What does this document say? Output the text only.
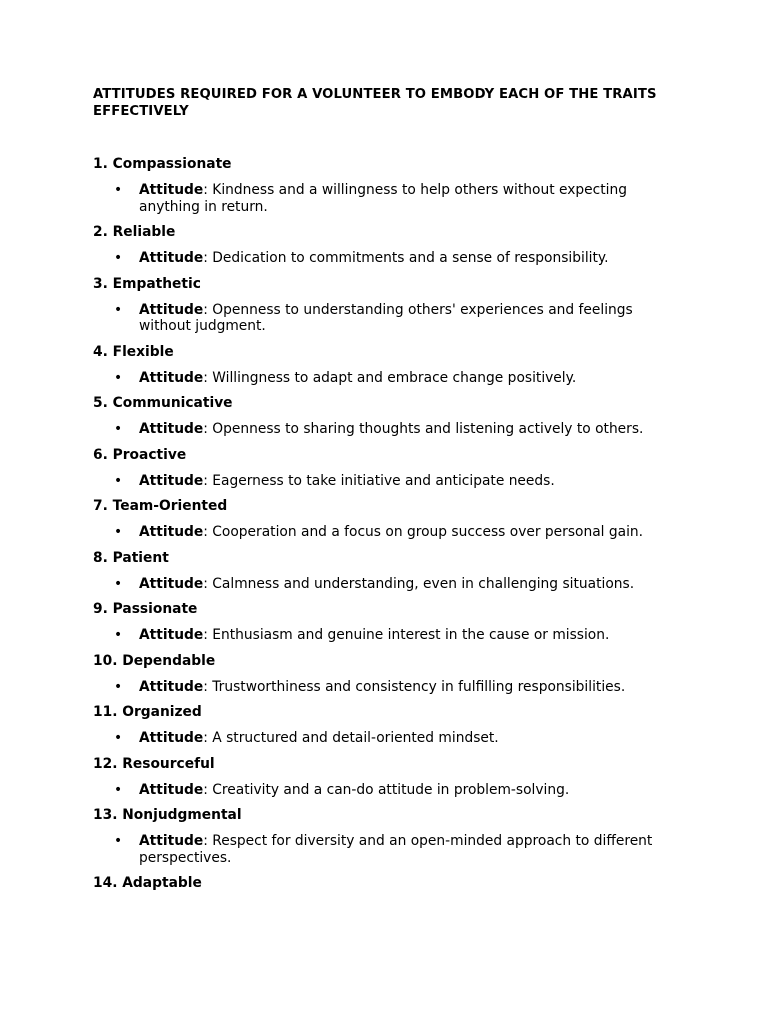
ATTITUDES REQUIRED FOR A VOLUNTEER TO EMBODY EACH OF THE TRAITS EFFECTIVELY
1. Compassionate
• Attitude: Kindness and a willingness to help others without expecting anything in return.
2. Reliable
• Attitude: Dedication to commitments and a sense of responsibility.
3. Empathetic
• Attitude: Openness to understanding others' experiences and feelings without judgment.
4. Flexible
• Attitude: Willingness to adapt and embrace change positively.
5. Communicative
• Attitude: Openness to sharing thoughts and listening actively to others.
6. Proactive
• Attitude: Eagerness to take initiative and anticipate needs.
7. Team-Oriented
• Attitude: Cooperation and a focus on group success over personal gain.
8. Patient
• Attitude: Calmness and understanding, even in challenging situations.
9. Passionate
• Attitude: Enthusiasm and genuine interest in the cause or mission.
10. Dependable
• Attitude: Trustworthiness and consistency in fulfilling responsibilities.
11. Organized
• Attitude: A structured and detail-oriented mindset.
12. Resourceful
• Attitude: Creativity and a can-do attitude in problem-solving.
13. Nonjudgmental
• Attitude: Respect for diversity and an open-minded approach to different perspectives.
14. Adaptable
